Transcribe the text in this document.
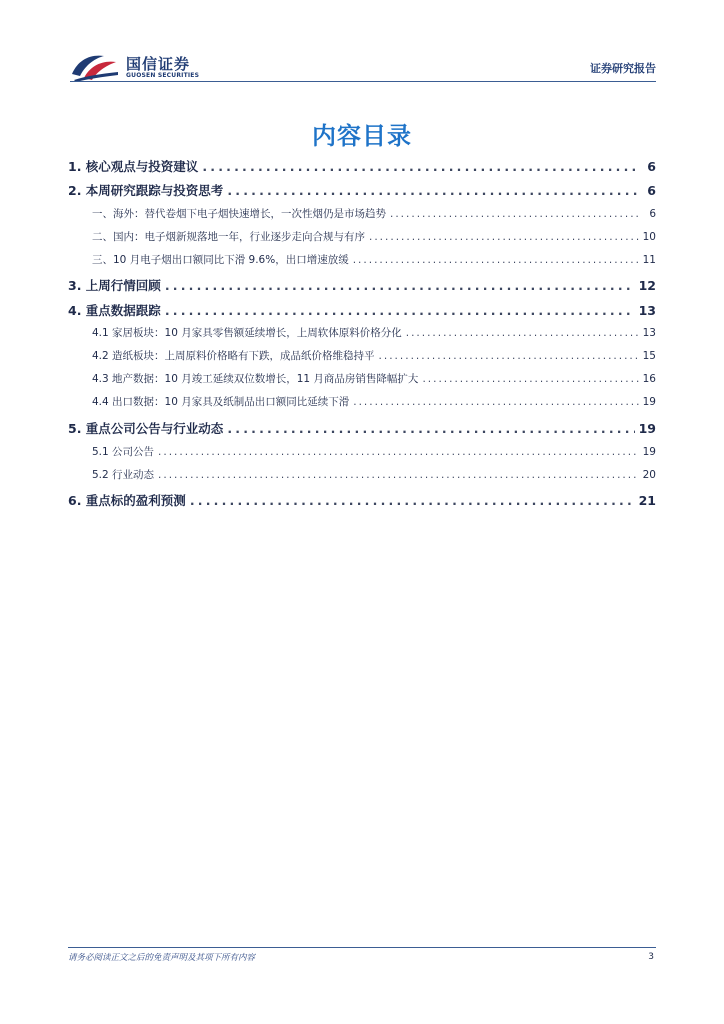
国信证券
GUOSEN SECURITIES
证券研究报告
内容目录
1. 核心观点与投资建议 .....	6
2. 本周研究跟踪与投资思考 .....	6
一、海外：替代卷烟下电子烟快速增长，一次性烟仍是市场趋势 .....	6
二、国内：电子烟新规落地一年，行业逐步走向合规与有序 .....	10
三、10 月电子烟出口额同比下滑 9.6%，出口增速放缓 .....	11
3. 上周行情回顾 .....	12
4. 重点数据跟踪 .....	13
4.1 家居板块：10 月家具零售额延续增长，上周软体原料价格分化 .....	13
4.2 造纸板块：上周原料价格略有下跌，成品纸价格维稳持平 .....	15
4.3 地产数据：10 月竣工延续双位数增长，11 月商品房销售降幅扩大 .....	16
4.4 出口数据：10 月家具及纸制品出口额同比延续下滑 .....	19
5. 重点公司公告与行业动态 .....	19
5.1 公司公告 .....	19
5.2 行业动态 .....	20
6. 重点标的盈利预测 .....	21
请务必阅读正文之后的免责声明及其项下所有内容	3
